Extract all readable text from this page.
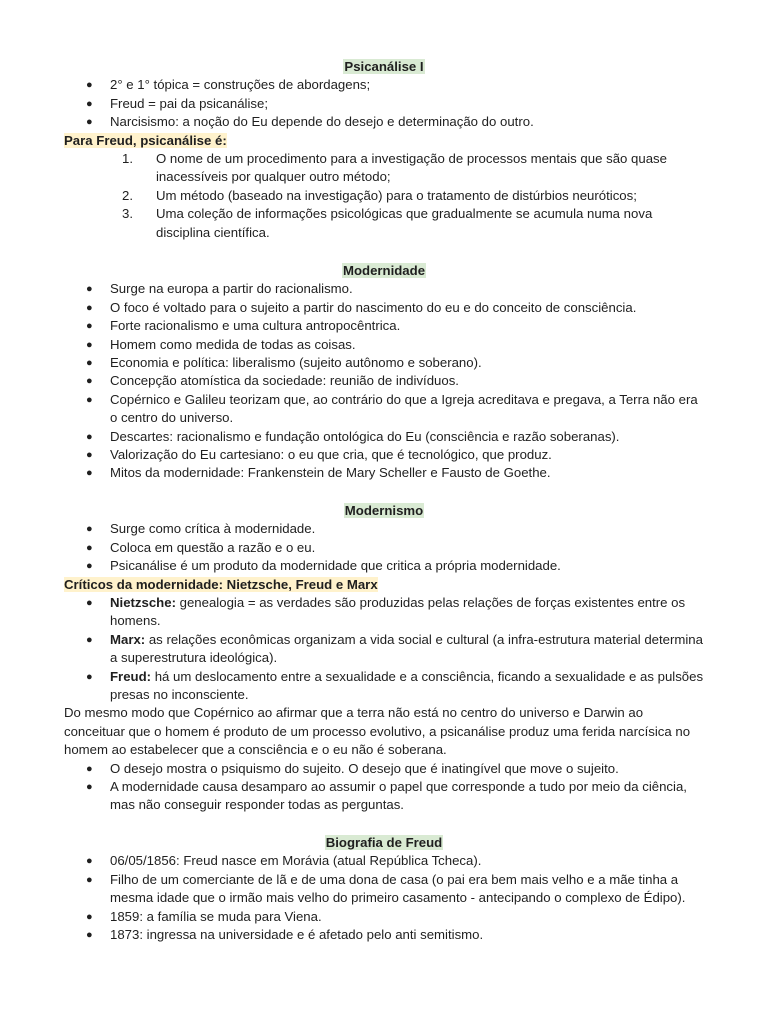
Psicanálise I
● 2° e 1° tópica = construções de abordagens;
● Freud = pai da psicanálise;
● Narcisismo: a noção do Eu depende do desejo e determinação do outro.
Para Freud, psicanálise é:
1. O nome de um procedimento para a investigação de processos mentais que são quase inacessíveis por qualquer outro método;
2. Um método (baseado na investigação) para o tratamento de distúrbios neuróticos;
3. Uma coleção de informações psicológicas que gradualmente se acumula numa nova disciplina científica.
Modernidade
● Surge na europa a partir do racionalismo.
● O foco é voltado para o sujeito a partir do nascimento do eu e do conceito de consciência.
● Forte racionalismo e uma cultura antropocêntrica.
● Homem como medida de todas as coisas.
● Economia e política: liberalismo (sujeito autônomo e soberano).
● Concepção atomística da sociedade: reunião de indivíduos.
● Copérnico e Galileu teorizam que, ao contrário do que a Igreja acreditava e pregava, a Terra não era o centro do universo.
● Descartes: racionalismo e fundação ontológica do Eu (consciência e razão soberanas).
● Valorização do Eu cartesiano: o eu que cria, que é tecnológico, que produz.
● Mitos da modernidade: Frankenstein de Mary Scheller e Fausto de Goethe.
Modernismo
● Surge como crítica à modernidade.
● Coloca em questão a razão e o eu.
● Psicanálise é um produto da modernidade que critica a própria modernidade.
Críticos da modernidade: Nietzsche, Freud e Marx
● Nietzsche: genealogia = as verdades são produzidas pelas relações de forças existentes entre os homens.
● Marx: as relações econômicas organizam a vida social e cultural (a infra-estrutura material determina a superestrutura ideológica).
● Freud: há um deslocamento entre a sexualidade e a consciência, ficando a sexualidade e as pulsões presas no inconsciente.

Do mesmo modo que Copérnico ao afirmar que a terra não está no centro do universo e Darwin ao conceituar que o homem é produto de um processo evolutivo, a psicanálise produz uma ferida narcísica no homem ao estabelecer que a consciência e o eu não é soberana.

● O desejo mostra o psiquismo do sujeito. O desejo que é inatingível que move o sujeito.
● A modernidade causa desamparo ao assumir o papel que corresponde a tudo por meio da ciência, mas não conseguir responder todas as perguntas.
Biografia de Freud
● 06/05/1856: Freud nasce em Morávia (atual República Tcheca).
● Filho de um comerciante de lã e de uma dona de casa (o pai era bem mais velho e a mãe tinha a mesma idade que o irmão mais velho do primeiro casamento - antecipando o complexo de Édipo).
● 1859: a família se muda para Viena.
● 1873: ingressa na universidade e é afetado pelo anti semitismo.
